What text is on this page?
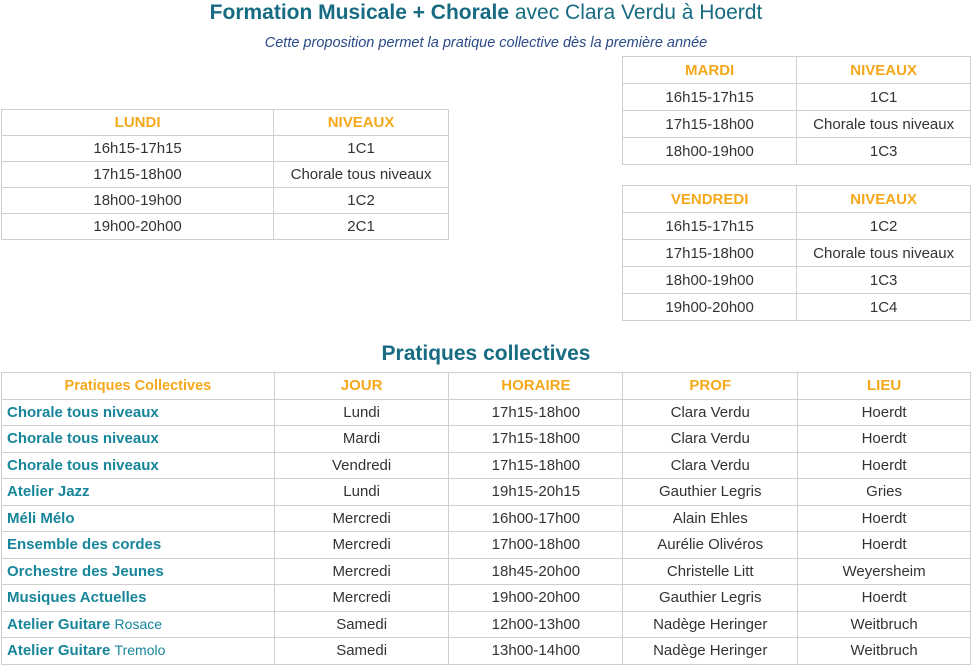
Formation Musicale + Chorale avec Clara Verdu à Hoerdt
Cette proposition permet la pratique collective dès la première année
LUNDI	NIVEAUX
16h15-17h15	1C1
17h15-18h00	Chorale tous niveaux
18h00-19h00	1C2
19h00-20h00	2C1
MARDI	NIVEAUX
16h15-17h15	1C1
17h15-18h00	Chorale tous niveaux
18h00-19h00	1C3
VENDREDI	NIVEAUX
16h15-17h15	1C2
17h15-18h00	Chorale tous niveaux
18h00-19h00	1C3
19h00-20h00	1C4
Pratiques collectives
Pratiques Collectives	JOUR	HORAIRE	PROF	LIEU
Chorale tous niveaux	Lundi	17h15-18h00	Clara Verdu	Hoerdt
Chorale tous niveaux	Mardi	17h15-18h00	Clara Verdu	Hoerdt
Chorale tous niveaux	Vendredi	17h15-18h00	Clara Verdu	Hoerdt
Atelier Jazz	Lundi	19h15-20h15	Gauthier Legris	Gries
Méli Mélo	Mercredi	16h00-17h00	Alain Ehles	Hoerdt
Ensemble des cordes	Mercredi	17h00-18h00	Aurélie Olivéros	Hoerdt
Orchestre des Jeunes	Mercredi	18h45-20h00	Christelle Litt	Weyersheim
Musiques Actuelles	Mercredi	19h00-20h00	Gauthier Legris	Hoerdt
Atelier Guitare Rosace	Samedi	12h00-13h00	Nadège Heringer	Weitbruch
Atelier Guitare Tremolo	Samedi	13h00-14h00	Nadège Heringer	Weitbruch
